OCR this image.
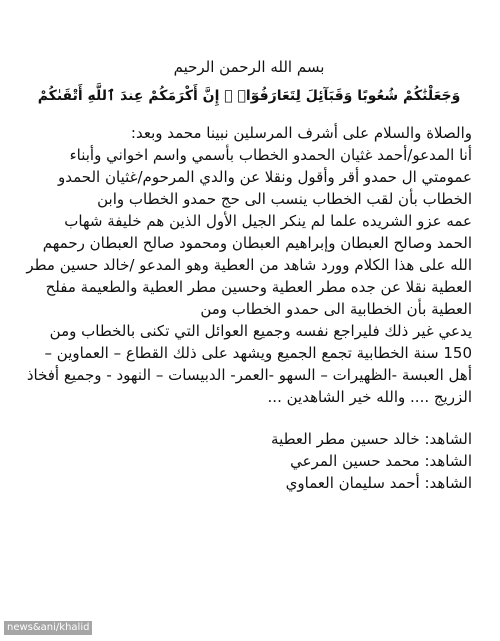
بسم الله الرحمن الرحيم

وَجَعَلْنَٰكُمْ شُعُوبًا وَقَبَآئِلَ لِتَعَارَفُوٓا۟ ۚ إِنَّ أَكْرَمَكُمْ عِندَ ٱللَّهِ أَتْقَىٰكُمْ

والصلاة والسلام على أشرف المرسلين نبينا محمد وبعد:

أنا المدعو/أحمد غثيان الحمدو الخطاب بأسمي واسم اخواني وأبناء

عمومتي ال حمدو أقر وأقول ونقلا عن والدي المرحوم/غثيان الحمدو الخطاب بأن لقب الخطاب ينسب الى حج حمدو الخطاب وابن

عمه عزو الشريده علما لم ينكر الجيل الأول الذين هم خليفة شهاب

الحمد وصالح العبطان وإبراهيم العبطان ومحمود صالح العبطان رحمهم الله على هذا الكلام وورد شاهد من العطية وهو المدعو /خالد حسين مطر العطية نقلا عن جده مطر العطية وحسين مطر العطية والطعيمة مفلح العطية بأن الخطابية الى حمدو الخطاب ومن

يدعي غير ذلك فليراجع نفسه وجميع العوائل التي تكنى بالخطاب ومن 150 سنة الخطابية تجمع الجميع ويشهد على ذلك القطاع – العماوين – أهل العبسة -الظهيرات – السهو -العمر- الدبيسات – النهود - وجميع أفخاذ الزريج .... والله خير الشاهدين ...

الشاهد: خالد حسين مطر العطية

الشاهد: محمد حسين المرعي

الشاهد: أحمد سليمان العماوي

news&ani/khalid
